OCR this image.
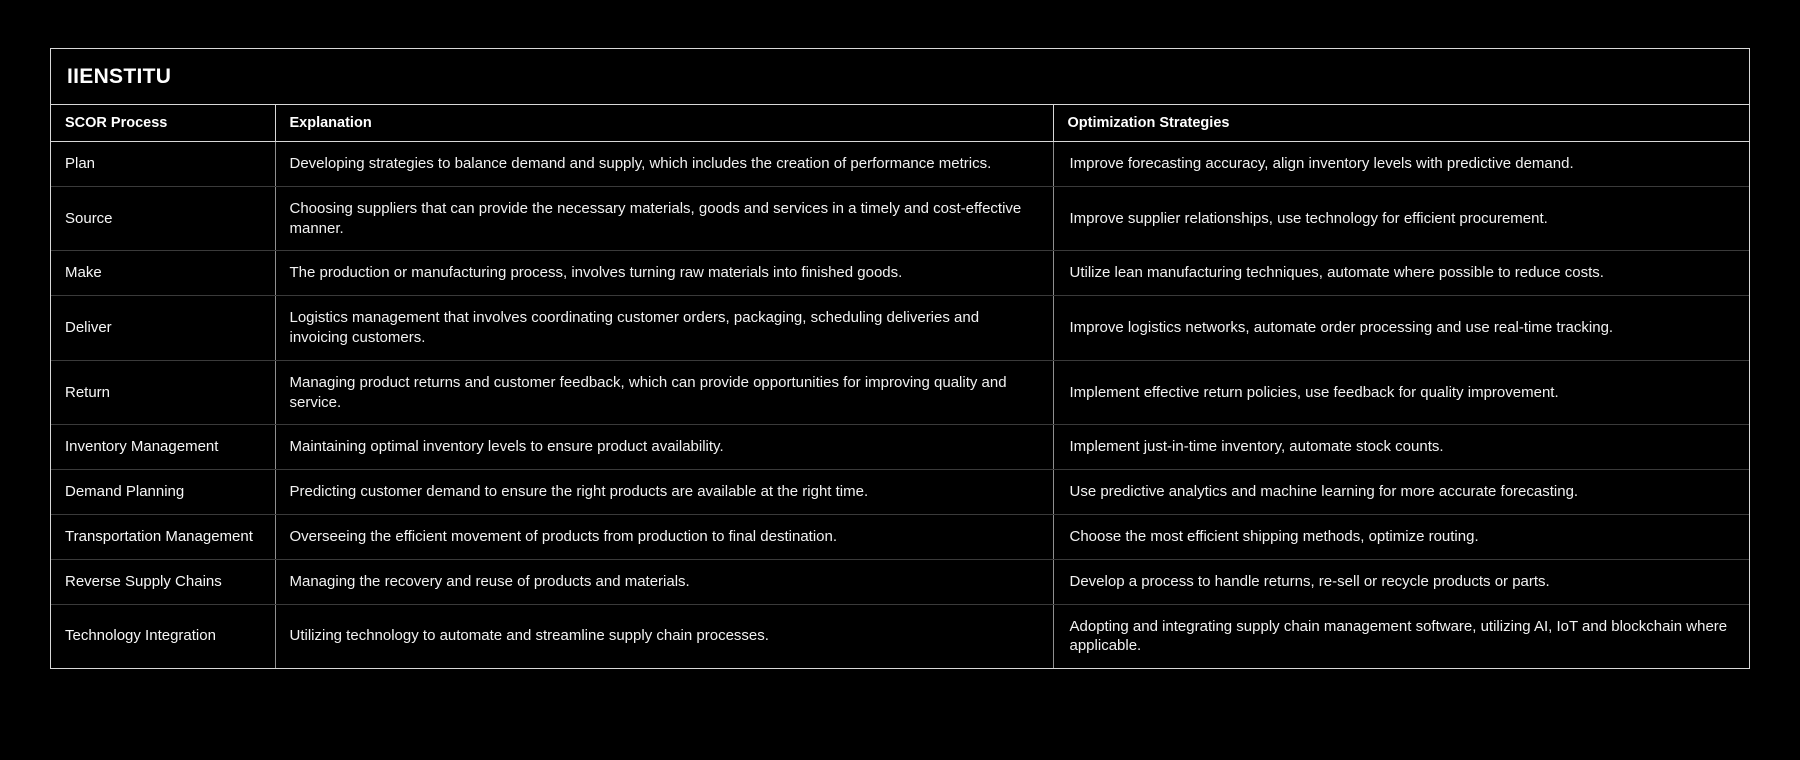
IIENSTITU
SCOR Process	Explanation	Optimization Strategies
Plan	Developing strategies to balance demand and supply, which includes the creation of performance metrics.	Improve forecasting accuracy, align inventory levels with predictive demand.
Source	Choosing suppliers that can provide the necessary materials, goods and services in a timely and cost-effective manner.	Improve supplier relationships, use technology for efficient procurement.
Make	The production or manufacturing process, involves turning raw materials into finished goods.	Utilize lean manufacturing techniques, automate where possible to reduce costs.
Deliver	Logistics management that involves coordinating customer orders, packaging, scheduling deliveries and invoicing customers.	Improve logistics networks, automate order processing and use real-time tracking.
Return	Managing product returns and customer feedback, which can provide opportunities for improving quality and service.	Implement effective return policies, use feedback for quality improvement.
Inventory Management	Maintaining optimal inventory levels to ensure product availability.	Implement just-in-time inventory, automate stock counts.
Demand Planning	Predicting customer demand to ensure the right products are available at the right time.	Use predictive analytics and machine learning for more accurate forecasting.
Transportation Management	Overseeing the efficient movement of products from production to final destination.	Choose the most efficient shipping methods, optimize routing.
Reverse Supply Chains	Managing the recovery and reuse of products and materials.	Develop a process to handle returns, re-sell or recycle products or parts.
Technology Integration	Utilizing technology to automate and streamline supply chain processes.	Adopting and integrating supply chain management software, utilizing AI, IoT and blockchain where applicable.
